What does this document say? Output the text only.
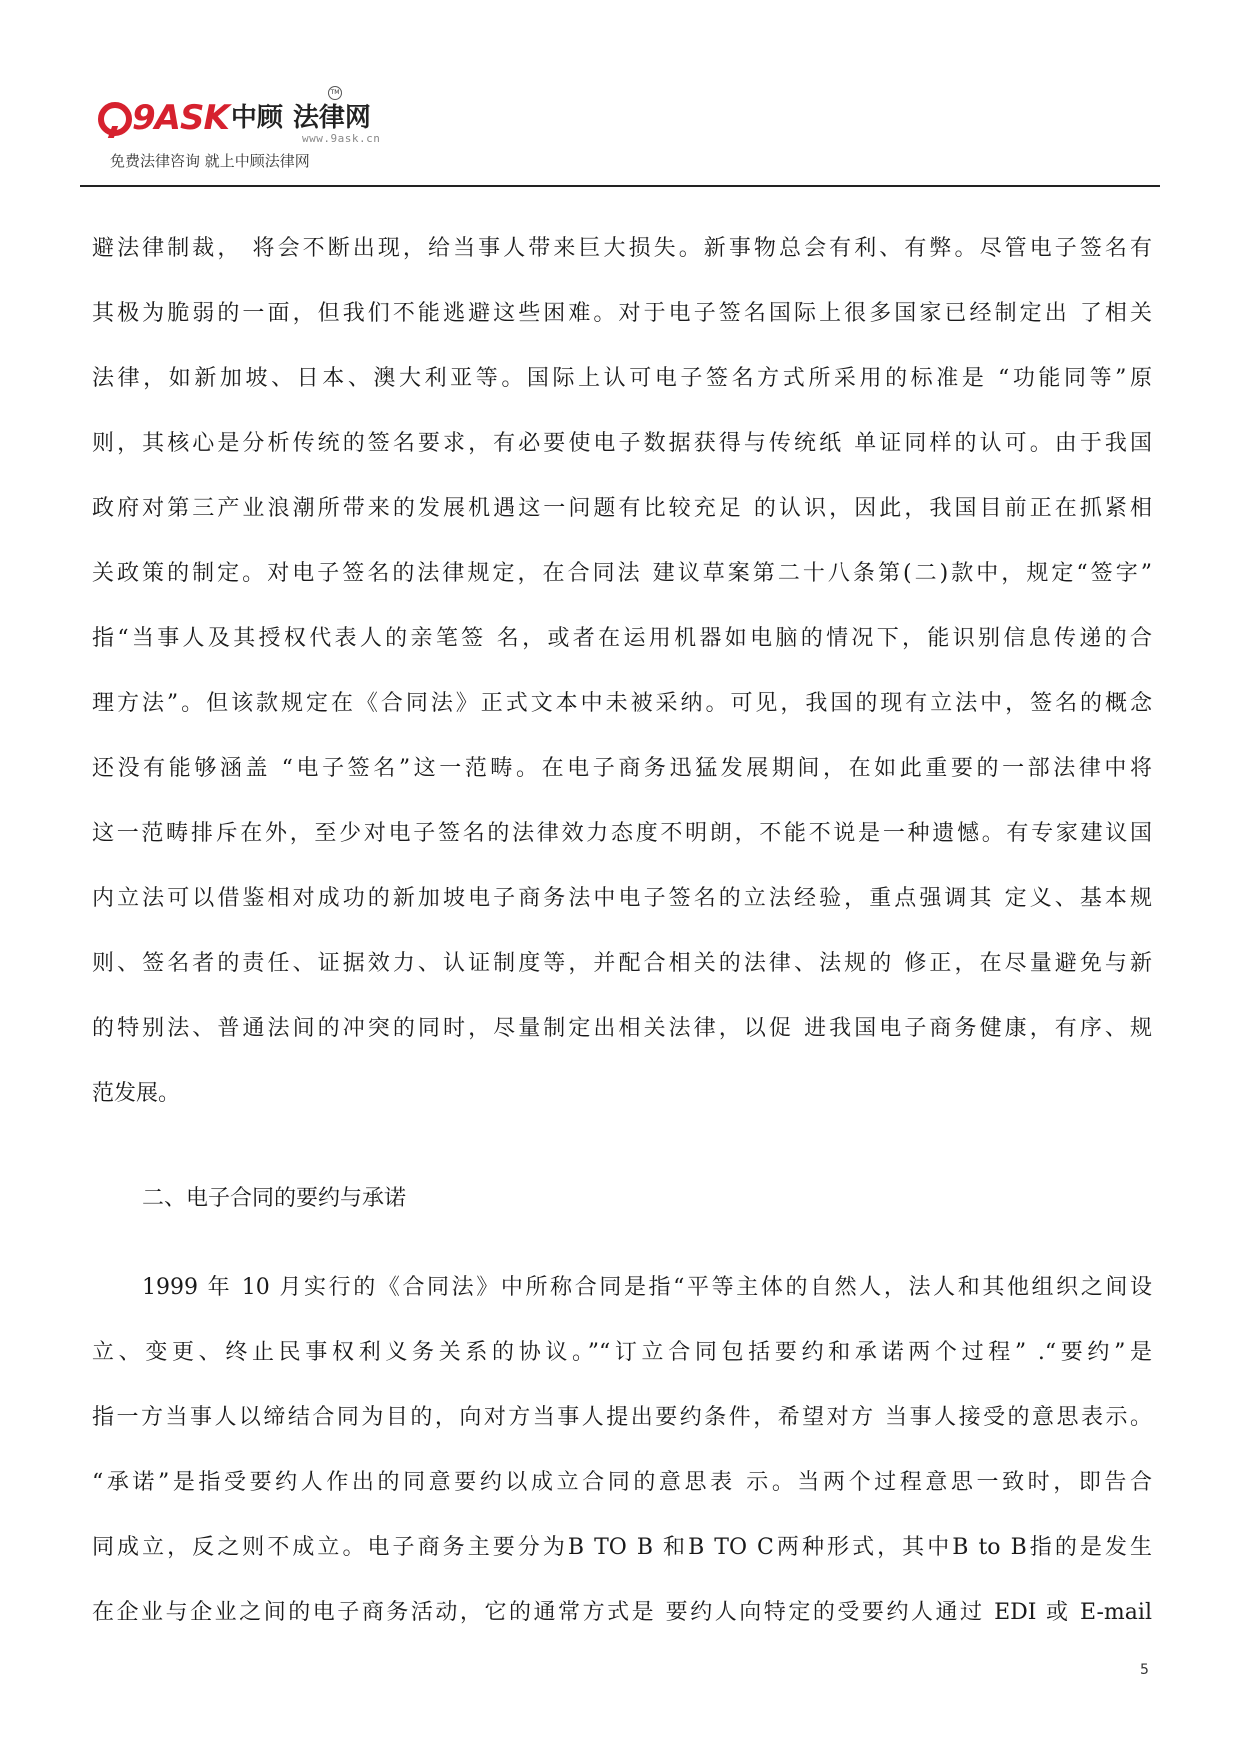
9ASK 中顾 法律网
TM
www.9ask.cn
免费法律咨询 就上中顾法律网

避法律制裁， 将会不断出现，给当事人带来巨大损失。新事物总会有利、有弊。尽管电子签名有

其极为脆弱的一面，但我们不能逃避这些困难。对于电子签名国际上很多国家已经制定出 了相关

法律，如新加坡、日本、澳大利亚等。国际上认可电子签名方式所采用的标准是 “功能同等”原

则，其核心是分析传统的签名要求，有必要使电子数据获得与传统纸 单证同样的认可。由于我国

政府对第三产业浪潮所带来的发展机遇这一问题有比较充足 的认识，因此，我国目前正在抓紧相

关政策的制定。对电子签名的法律规定，在合同法 建议草案第二十八条第(二)款中，规定“签字”

指“当事人及其授权代表人的亲笔签 名，或者在运用机器如电脑的情况下，能识别信息传递的合

理方法”。但该款规定在《合同法》正式文本中未被采纳。可见，我国的现有立法中，签名的概念

还没有能够涵盖 “电子签名”这一范畴。在电子商务迅猛发展期间，在如此重要的一部法律中将

这一范畴排斥在外，至少对电子签名的法律效力态度不明朗，不能不说是一种遗憾。有专家建议国

内立法可以借鉴相对成功的新加坡电子商务法中电子签名的立法经验，重点强调其 定义、基本规

则、签名者的责任、证据效力、认证制度等，并配合相关的法律、法规的 修正，在尽量避免与新

的特别法、普通法间的冲突的同时，尽量制定出相关法律，以促 进我国电子商务健康，有序、规

范发展。

二、电子合同的要约与承诺

1999 年 10 月实行的《合同法》中所称合同是指“平等主体的自然人，法人和其他组织之间设

立、变更、终止民事权利义务关系的协议。”“订立合同包括要约和承诺两个过程” .“要约”是

指一方当事人以缔结合同为目的，向对方当事人提出要约条件，希望对方 当事人接受的意思表示。

“承诺”是指受要约人作出的同意要约以成立合同的意思表 示。当两个过程意思一致时，即告合

同成立，反之则不成立。电子商务主要分为B TO B 和B TO C两种形式，其中B to B指的是发生

在企业与企业之间的电子商务活动，它的通常方式是 要约人向特定的受要约人通过 EDI 或 E-mail

5
